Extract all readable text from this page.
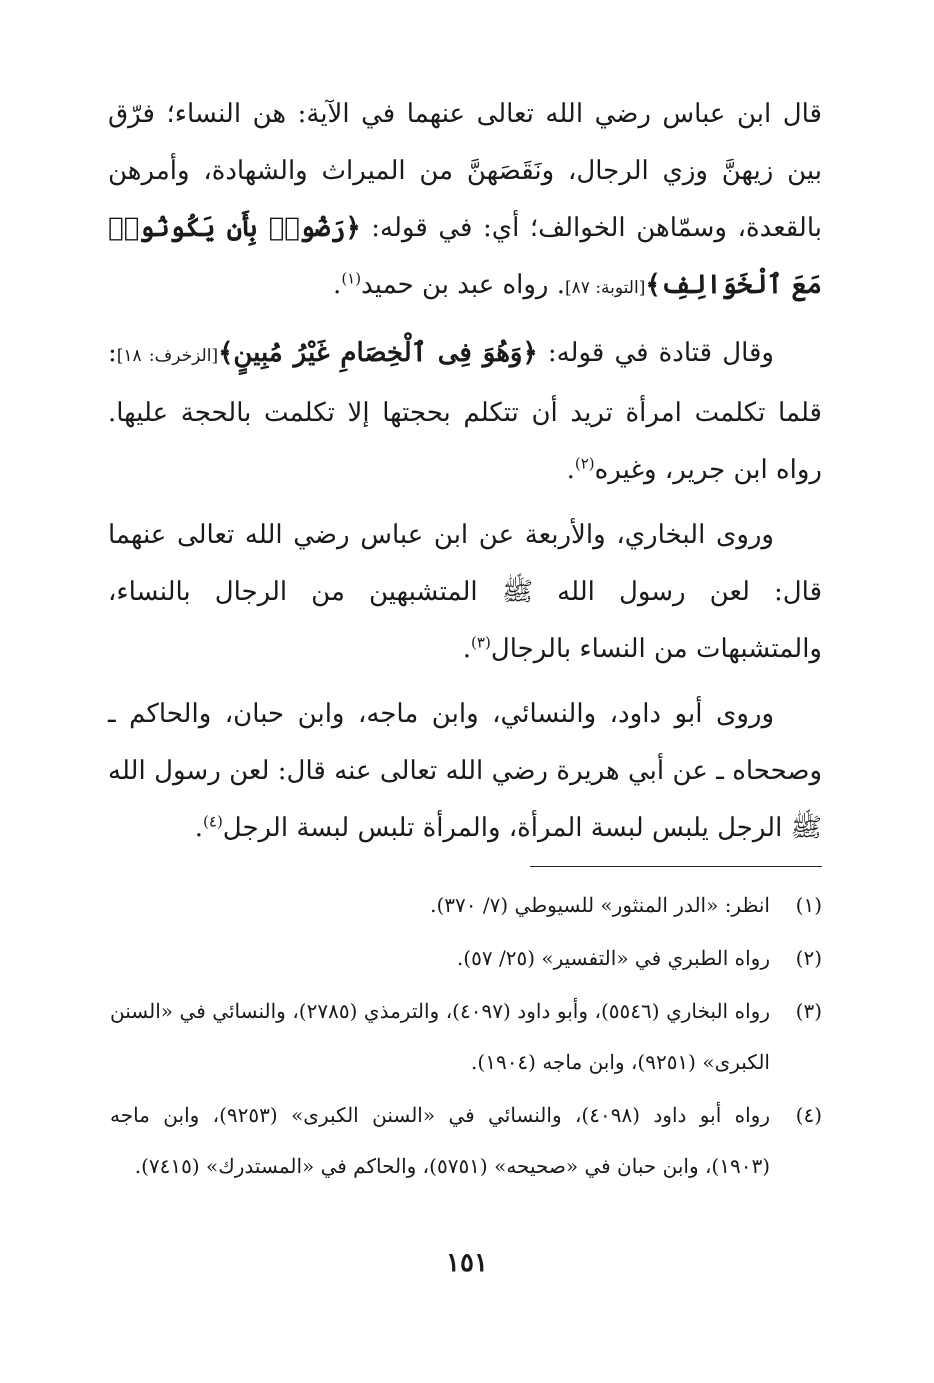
قال ابن عباس رضي الله تعالى عنهما في الآية: هن النساء؛ فرّق بين زيهنَّ وزي الرجال، ونَقَصَهنَّ من الميراث والشهادة، وأمرهن بالقعدة، وسمّاهن الخوالف؛ أي: في قوله: ﴿رَضُوا۟ بِأَن يَكُونُوا۟ مَعَ ٱلْخَوَالِفِ﴾[التوبة: ٨٧]. رواه عبد بن حميد$^{(١)}$.

وقال قتادة في قوله: ﴿وَهُوَ فِى ٱلْخِصَامِ غَيْرُ مُبِينٍ﴾[الزخرف: ١٨]: قلما تكلمت امرأة تريد أن تتكلم بحجتها إلا تكلمت بالحجة عليها. رواه ابن جرير، وغيره$^{(٢)}$.

وروى البخاري، والأربعة عن ابن عباس رضي الله تعالى عنهما قال: لعن رسول الله ﷺ المتشبهين من الرجال بالنساء، والمتشبهات من النساء بالرجال$^{(٣)}$.

وروى أبو داود، والنسائي، وابن ماجه، وابن حبان، والحاكم ـ وصححاه ـ عن أبي هريرة رضي الله تعالى عنه قال: لعن رسول الله ﷺ الرجل يلبس لبسة المرأة، والمرأة تلبس لبسة الرجل$^{(٤)}$.

(١)
انظر: «الدر المنثور» للسيوطي (٧/ ٣٧٠).
(٢)
رواه الطبري في «التفسير» (٢٥/ ٥٧).
(٣)
رواه البخاري (٥٥٤٦)، وأبو داود (٤٠٩٧)، والترمذي (٢٧٨٥)، والنسائي في «السنن الكبرى» (٩٢٥١)، وابن ماجه (١٩٠٤).
(٤)
رواه أبو داود (٤٠٩٨)، والنسائي في «السنن الكبرى» (٩٢٥٣)، وابن ماجه (١٩٠٣)، وابن حبان في «صحيحه» (٥٧٥١)، والحاكم في «المستدرك» (٧٤١٥).
١٥١
